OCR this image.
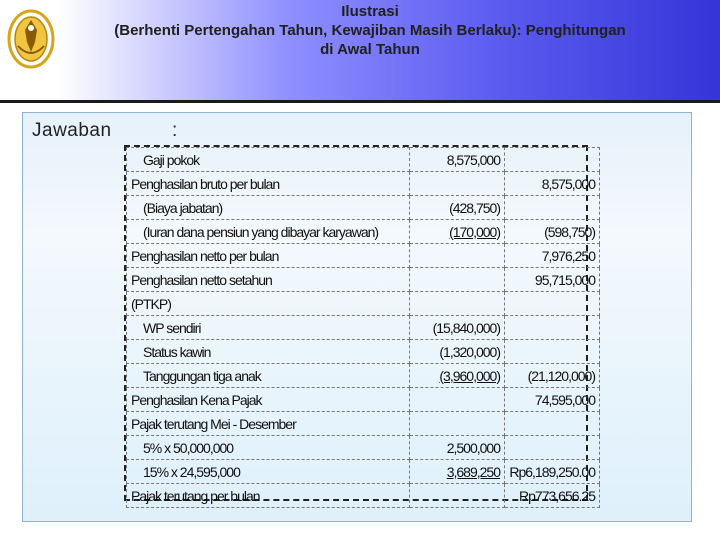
Ilustrasi
(Berhenti Pertengahan Tahun, Kewajiban Masih Berlaku): Penghitungan
di Awal Tahun
Jawaban	:
Gaji pokok	8,575,000	
Penghasilan bruto per bulan		8,575,000
(Biaya jabatan)	(428,750)	
(Iuran dana pensiun yang dibayar karyawan)	(170,000)	(598,750)
Penghasilan netto per bulan		7,976,250
Penghasilan netto setahun		95,715,000
(PTKP)		
WP sendiri	(15,840,000)	
Status kawin	(1,320,000)	
Tanggungan tiga anak	(3,960,000)	(21,120,000)
Penghasilan Kena Pajak		74,595,000
Pajak terutang Mei - Desember		
5% x 50,000,000	2,500,000	
15% x 24,595,000	3,689,250	Rp6,189,250.00
Pajak terutang per bulan		Rp773,656.25
